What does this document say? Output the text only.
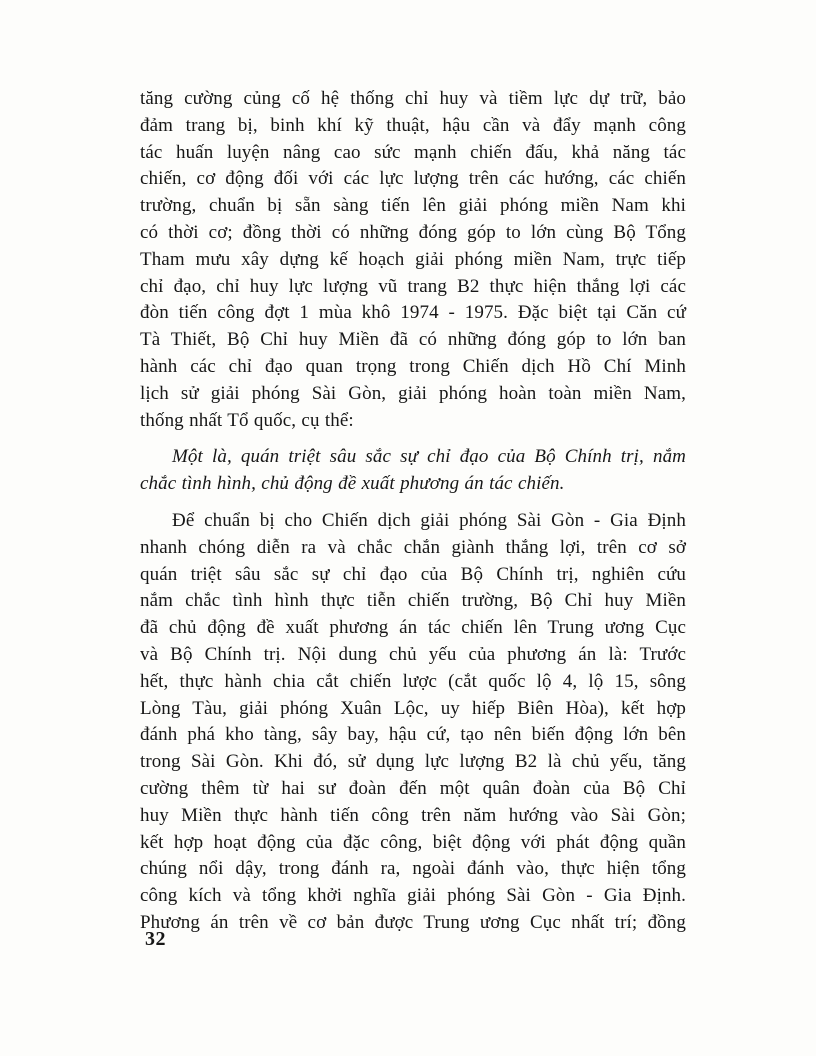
tăng cường củng cố hệ thống chỉ huy và tiềm lực dự trữ, bảo
đảm trang bị, binh khí kỹ thuật, hậu cần và đẩy mạnh công
tác huấn luyện nâng cao sức mạnh chiến đấu, khả năng tác
chiến, cơ động đối với các lực lượng trên các hướng, các chiến
trường, chuẩn bị sẵn sàng tiến lên giải phóng miền Nam khi
có thời cơ; đồng thời có những đóng góp to lớn cùng Bộ Tổng
Tham mưu xây dựng kế hoạch giải phóng miền Nam, trực tiếp
chỉ đạo, chỉ huy lực lượng vũ trang B2 thực hiện thắng lợi các
đòn tiến công đợt 1 mùa khô 1974 - 1975. Đặc biệt tại Căn cứ
Tà Thiết, Bộ Chỉ huy Miền đã có những đóng góp to lớn ban
hành các chỉ đạo quan trọng trong Chiến dịch Hồ Chí Minh
lịch sử giải phóng Sài Gòn, giải phóng hoàn toàn miền Nam,
thống nhất Tổ quốc, cụ thể:
Một là, quán triệt sâu sắc sự chỉ đạo của Bộ Chính trị, nắm
chắc tình hình, chủ động đề xuất phương án tác chiến.
Để chuẩn bị cho Chiến dịch giải phóng Sài Gòn - Gia Định
nhanh chóng diễn ra và chắc chắn giành thắng lợi, trên cơ sở
quán triệt sâu sắc sự chỉ đạo của Bộ Chính trị, nghiên cứu
nắm chắc tình hình thực tiễn chiến trường, Bộ Chỉ huy Miền
đã chủ động đề xuất phương án tác chiến lên Trung ương Cục
và Bộ Chính trị. Nội dung chủ yếu của phương án là: Trước
hết, thực hành chia cắt chiến lược (cắt quốc lộ 4, lộ 15, sông
Lòng Tàu, giải phóng Xuân Lộc, uy hiếp Biên Hòa), kết hợp
đánh phá kho tàng, sây bay, hậu cứ, tạo nên biến động lớn bên
trong Sài Gòn. Khi đó, sử dụng lực lượng B2 là chủ yếu, tăng
cường thêm từ hai sư đoàn đến một quân đoàn của Bộ Chỉ
huy Miền thực hành tiến công trên năm hướng vào Sài Gòn;
kết hợp hoạt động của đặc công, biệt động với phát động quần
chúng nổi dậy, trong đánh ra, ngoài đánh vào, thực hiện tổng
công kích và tổng khởi nghĩa giải phóng Sài Gòn - Gia Định.
Phương án trên về cơ bản được Trung ương Cục nhất trí; đồng
32
